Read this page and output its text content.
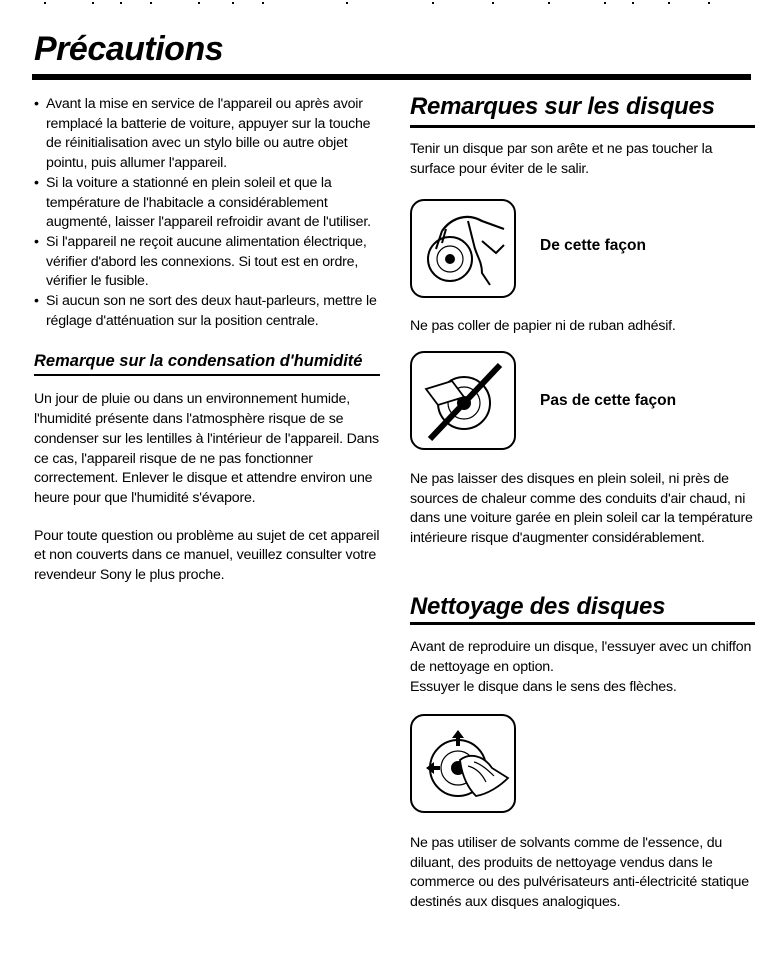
Précautions
• Avant la mise en service de l'appareil ou après avoir remplacé la batterie de voiture, appuyer sur la touche de réinitialisation avec un stylo bille ou autre objet pointu, puis allumer l'appareil.
• Si la voiture a stationné en plein soleil et que la température de l'habitacle a considérablement augmenté, laisser l'appareil refroidir avant de l'utiliser.
• Si l'appareil ne reçoit aucune alimentation électrique, vérifier d'abord les connexions. Si tout est en ordre, vérifier le fusible.
• Si aucun son ne sort des deux haut-parleurs, mettre le réglage d'atténuation sur la position centrale.
Remarque sur la condensation d'humidité

Un jour de pluie ou dans un environnement humide, l'humidité présente dans l'atmosphère risque de se condenser sur les lentilles à l'intérieur de l'appareil. Dans ce cas, l'appareil risque de ne pas fonctionner correctement. Enlever le disque et attendre environ une heure pour que l'humidité s'évapore.

Pour toute question ou problème au sujet de cet appareil et non couverts dans ce manuel, veuillez consulter votre revendeur Sony le plus proche.

Remarques sur les disques

Tenir un disque par son arête et ne pas toucher la surface pour éviter de le salir.

De cette façon

Ne pas coller de papier ni de ruban adhésif.

Pas de cette façon

Ne pas laisser des disques en plein soleil, ni près de sources de chaleur comme des conduits d'air chaud, ni dans une voiture garée en plein soleil car la température intérieure risque d'augmenter considérablement.

Nettoyage des disques

Avant de reproduire un disque, l'essuyer avec un chiffon de nettoyage en option.

Essuyer le disque dans le sens des flèches.

Ne pas utiliser de solvants comme de l'essence, du diluant, des produits de nettoyage vendus dans le commerce ou des pulvérisateurs anti-électricité statique destinés aux disques analogiques.
